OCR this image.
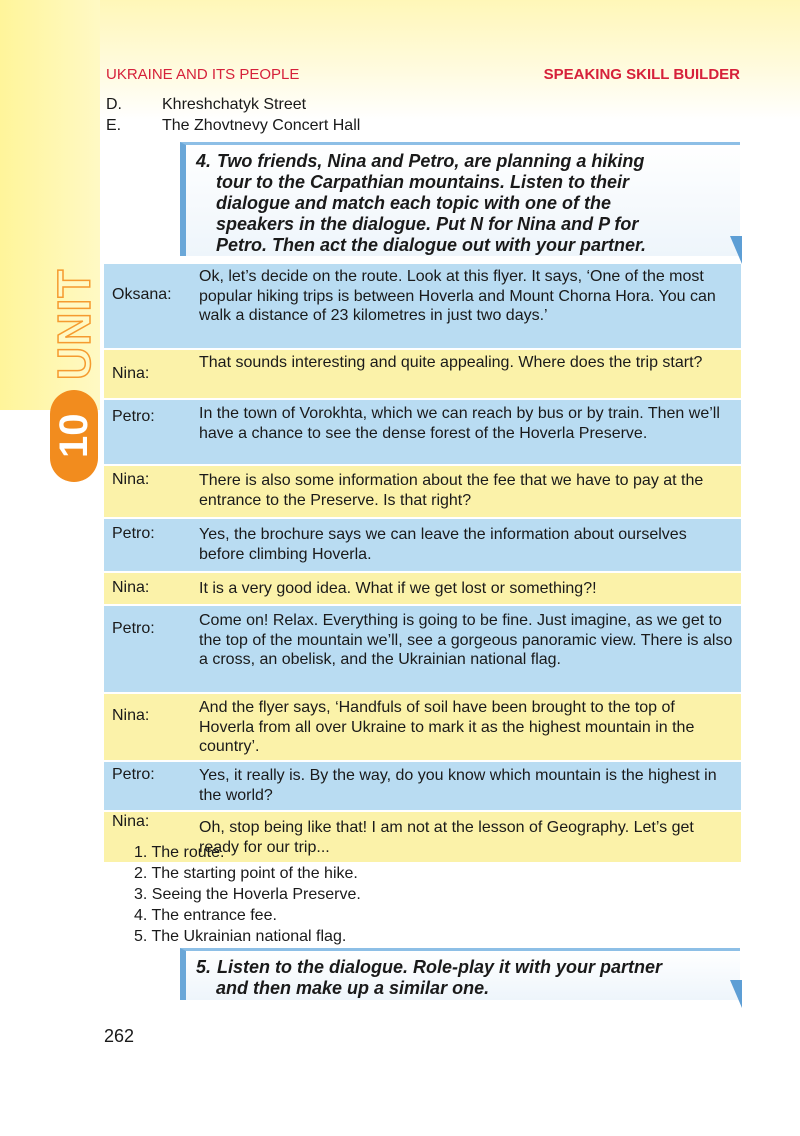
UNIT
10
UKRAINE AND ITS PEOPLE	SPEAKING SKILL BUILDER
D.	Khreshchatyk Street
E.	The Zhovtnevy Concert Hall
4. Two friends, Nina and Petro, are planning a hiking
tour to the Carpathian mountains. Listen to their
dialogue and match each topic with one of the
speakers in the dialogue. Put N for Nina and P for
Petro. Then act the dialogue out with your partner.
Oksana:
Ok, let’s decide on the route. Look at this flyer. It says, ‘One of the most popular hiking trips is between Hoverla and Mount Chorna Hora. You can walk a distance of 23 kilometres in just two days.’
Nina:
That sounds interesting and quite appealing. Where does the trip start?
Petro:	In the town of Vorokhta, which we can reach by bus or by train. Then we’ll have a chance to see the dense forest of the Hoverla Preserve.
Nina:	There is also some information about the fee that we have to pay at the entrance to the Preserve. Is that right?
Petro:	Yes, the brochure says we can leave the information about ourselves before climbing Hoverla.
Nina:	It is a very good idea. What if we get lost or something?!
Petro:	Come on! Relax. Everything is going to be fine. Just imagine, as we get to the top of the mountain we’ll, see a gorgeous panoramic view. There is also a cross, an obelisk, and the Ukrainian national flag.
Nina:	And the flyer says, ‘Handfuls of soil have been brought to the top of Hoverla from all over Ukraine to mark it as the highest mountain in the country’.
Petro:	Yes, it really is. By the way, do you know which mountain is the highest in the world?
Nina:	Oh, stop being like that! I am not at the lesson of Geography. Let’s get ready for our trip...
1. The route.
2. The starting point of the hike.
3. Seeing the Hoverla Preserve.
4. The entrance fee.
5. The Ukrainian national flag.
5. Listen to the dialogue. Role-play it with your partner
and then make up a similar one.
262
